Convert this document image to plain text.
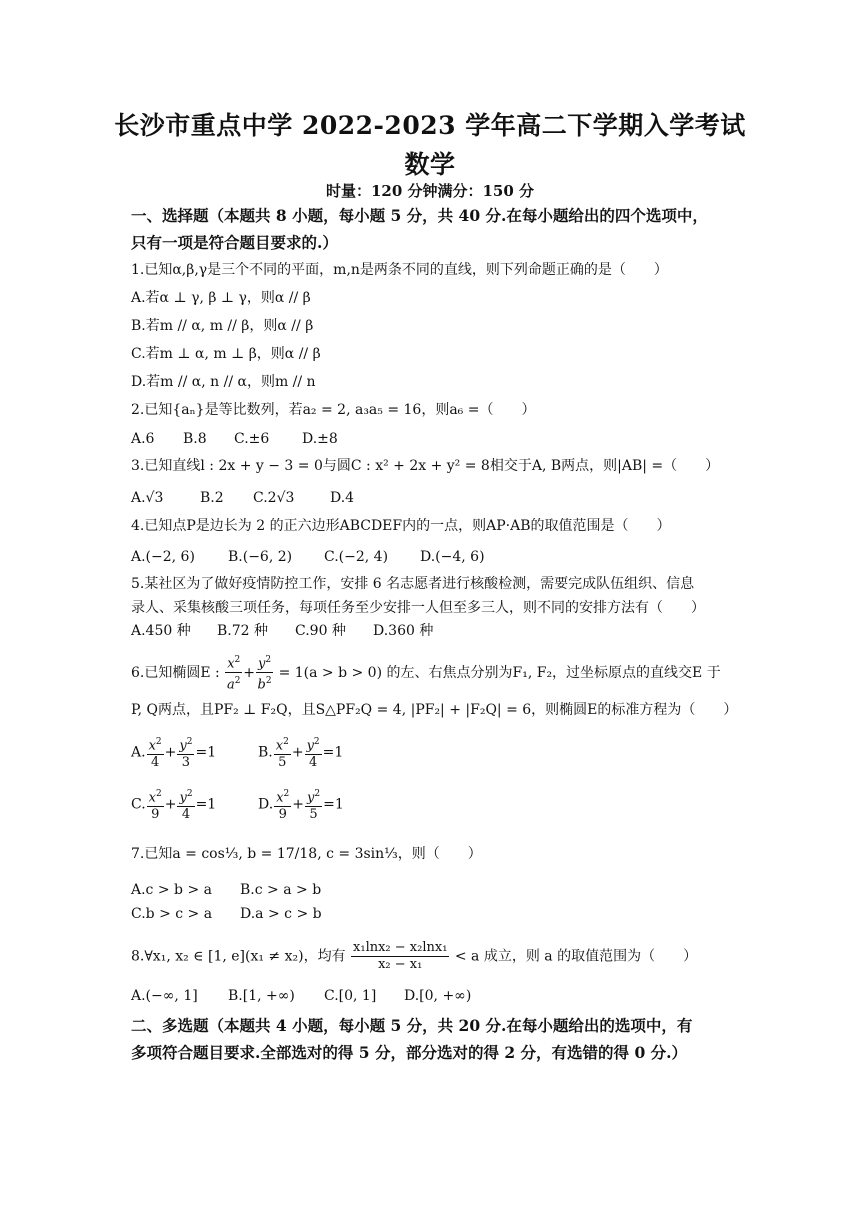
长沙市重点中学 2022-2023 学年高二下学期入学考试
数学
时量：120 分钟满分：150 分
一、选择题（本题共 8 小题，每小题 5 分，共 40 分.在每小题给出的四个选项中，
只有一项是符合题目要求的.）
1.已知α,β,γ是三个不同的平面，m,n是两条不同的直线，则下列命题正确的是（　　）
A.若α ⊥ γ, β ⊥ γ，则α // β
B.若m // α, m // β，则α // β
C.若m ⊥ α, m ⊥ β，则α // β
D.若m // α, n // α，则m // n
2.已知{aₙ}是等比数列，若a₂ = 2, a₃a₅ = 16，则a₆ =（　　）
A.6 B.8 C.±6 D.±8
3.已知直线l : 2x + y − 3 = 0与圆C : x² + 2x + y² = 8相交于A, B两点，则|AB| =（　　）
A.√3	B.2 C.2√3	D.4
4.已知点P是边长为 2 的正六边形ABCDEF内的一点，则AP·AB的取值范围是（　　）
A.(−2, 6) B.(−6, 2) C.(−2, 4) D.(−4, 6)
5.某社区为了做好疫情防控工作，安排 6 名志愿者进行核酸检测，需要完成队伍组织、信息
录人、采集核酸三项任务，每项任务至少安排一人但至多三人，则不同的安排方法有（　　）
A.450 种 B.72 种 C.90 种 D.360 种
6.已知椭圆E : $\frac{x^2}{a^2} + \frac{y^2}{b^2} = 1(a > b > 0)$ 的左、右焦点分别为F₁, F₂，过坐标原点的直线交E 于
P, Q两点，且PF₂ ⊥ F₂Q，且S△PF₂Q = 4, |PF₂| + |F₂Q| = 6，则椭圆E的标准方程为（　　）
A. $\frac{x^2}{4} + \frac{y^2}{3} =1$	B. $\frac{x^2}{5} + \frac{y^2}{4} =1$
C. $\frac{x^2}{9} + \frac{y^2}{4} =1$	D. $\frac{x^2}{9} + \frac{y^2}{5} =1$
7.已知a = cos⅓, b = 17/18, c = 3sin⅓，则（　　）
A.c > b > a B.c > a > b
C.b > c > a D.a > c > b
8.∀x₁, x₂ ∈ [1, e](x₁ ≠ x₂)，均有 $\frac{\text{x₁lnx₂ − x₂lnx₁}}{\text{x₂ − x₁}} < a$ 成立，则 a 的取值范围为（　　）
A.(−∞, 1] B.[1, +∞) C.[0, 1] D.[0, +∞)
二、多选题（本题共 4 小题，每小题 5 分，共 20 分.在每小题给出的选项中，有
多项符合题目要求.全部选对的得 5 分，部分选对的得 2 分，有选错的得 0 分.）
